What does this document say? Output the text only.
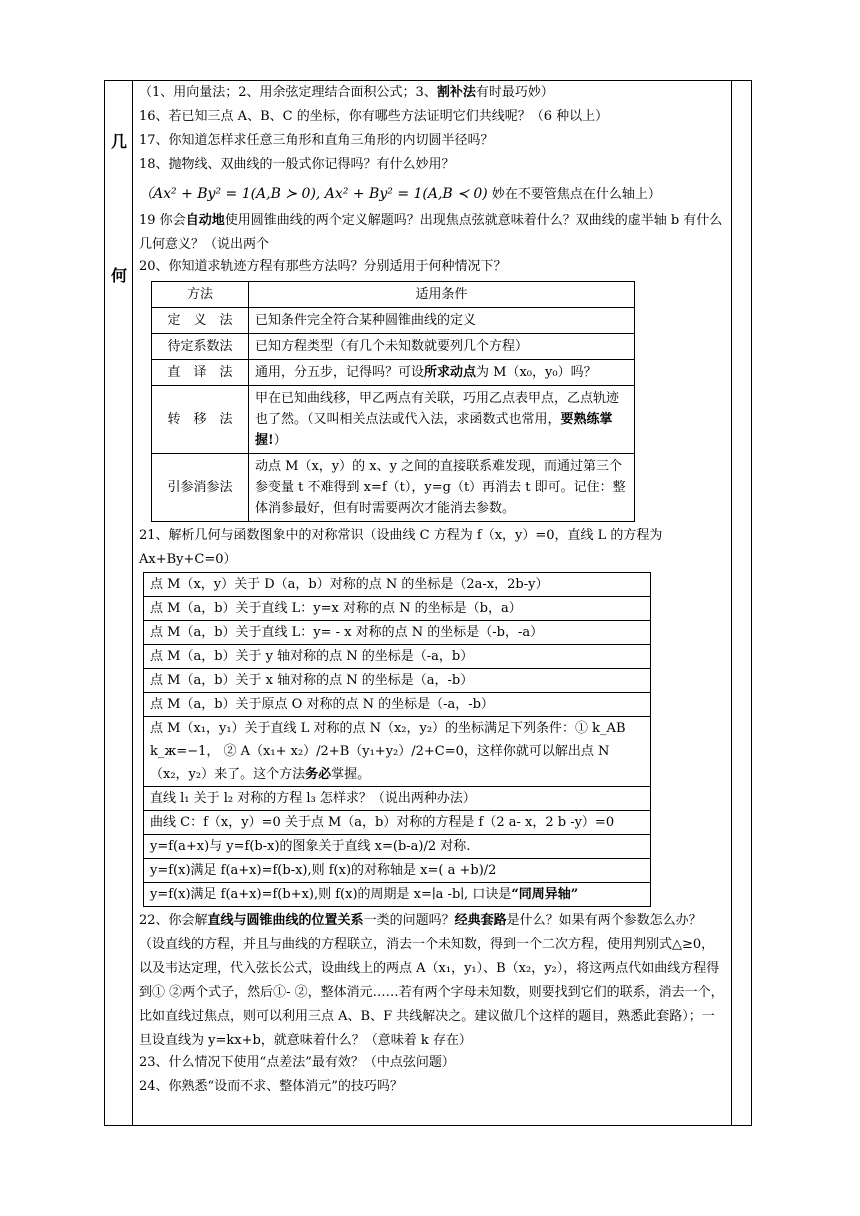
几
何
（1、用向量法；2、用余弦定理结合面积公式；3、割补法有时最巧妙）
16、若已知三点 A、B、C 的坐标，你有哪些方法证明它们共线呢？（6 种以上）
17、你知道怎样求任意三角形和直角三角形的内切圆半径吗？
18、抛物线、双曲线的一般式你记得吗？有什么妙用？
（Ax² + By² = 1(A,B ≻ 0), Ax² + By² = 1(A,B ≺ 0) 妙在不要管焦点在什么轴上）
19 你会自动地使用圆锥曲线的两个定义解题吗？出现焦点弦就意味着什么？双曲线的虚半轴 b 有什么几何意义？（说出两个
20、你知道求轨迹方程有那些方法吗？分别适用于何种情况下？
方法	适用条件
定　义　法	已知条件完全符合某种圆锥曲线的定义
待定系数法	已知方程类型（有几个未知数就要列几个方程）
直　译　法	通用，分五步，记得吗？可设所求动点为 M（x₀，y₀）吗？
转　移　法	甲在已知曲线移，甲乙两点有关联，巧用乙点表甲点，乙点轨迹也了然。（又叫相关点法或代入法，求函数式也常用，要熟练掌握!）
引参消参法	动点 M（x，y）的 x、y 之间的直接联系难发现，而通过第三个参变量 t 不难得到 x=f（t），y=g（t）再消去 t 即可。记住：整体消参最好，但有时需要两次才能消去参数。
21、解析几何与函数图象中的对称常识（设曲线 C 方程为 f（x，y）=0，直线 L 的方程为 Ax+By+C=0）
点 M（x，y）关于 D（a，b）对称的点 N 的坐标是（2a-x，2b-y）
点 M（a，b）关于直线 L：y=x 对称的点 N 的坐标是（b，a）
点 M（a，b）关于直线 L：y= - x 对称的点 N 的坐标是（-b，-a）
点 M（a，b）关于 y 轴对称的点 N 的坐标是（-a，b）
点 M（a，b）关于 x 轴对称的点 N 的坐标是（a，-b）
点 M（a，b）关于原点 O 对称的点 N 的坐标是（-a，-b）
点 M（x₁，y₁）关于直线 L 对称的点 N（x₂，y₂）的坐标满足下列条件：① k_AB k_ж=−1， ② A（x₁+ x₂）/2+B（y₁+y₂）/2+C=0，这样你就可以解出点 N（x₂，y₂）来了。这个方法务必掌握。
直线 l₁ 关于 l₂ 对称的方程 l₃ 怎样求？（说出两种办法）
曲线 C：f（x，y）=0 关于点 M（a，b）对称的方程是 f（2 a- x，2 b -y）=0
y=f(a+x)与 y=f(b-x)的图象关于直线 x=(b-a)/2 对称.
y=f(x)满足 f(a+x)=f(b-x),则 f(x)的对称轴是 x=( a +b)/2
y=f(x)满足 f(a+x)=f(b+x),则 f(x)的周期是 x=∣a -b∣, 口诀是“同周异轴”
22、你会解直线与圆锥曲线的位置关系一类的问题吗？经典套路是什么？如果有两个参数怎么办？（设直线的方程，并且与曲线的方程联立，消去一个未知数，得到一个二次方程，使用判别式△≥0，以及韦达定理，代入弦长公式，设曲线上的两点 A（x₁，y₁）、B（x₂，y₂），将这两点代如曲线方程得到① ②两个式子，然后①- ②，整体消元……若有两个字母未知数，则要找到它们的联系，消去一个，比如直线过焦点，则可以利用三点 A、B、F 共线解决之。建议做几个这样的题目，熟悉此套路）；一旦设直线为 y=kx+b，就意味着什么？（意味着 k 存在）
23、什么情况下使用“点差法”最有效？（中点弦问题）
24、你熟悉“设而不求、整体消元”的技巧吗？
